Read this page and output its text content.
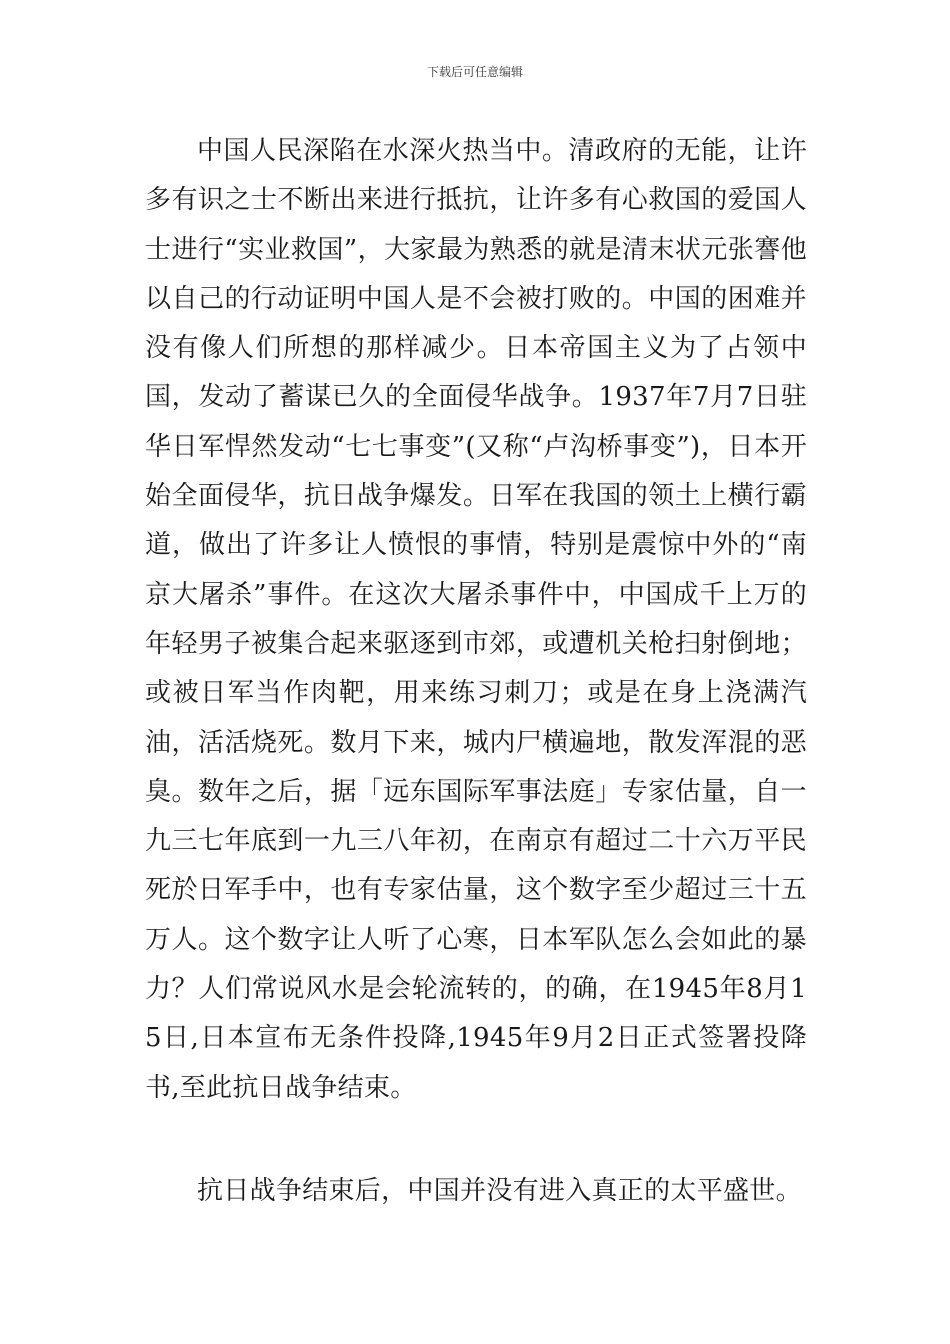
下载后可任意编辑

中国人民深陷在水深火热当中。清政府的无能，让许多有识之士不断出来进行抵抗，让许多有心救国的爱国人士进行“实业救国”，大家最为熟悉的就是清末状元张謇他以自己的行动证明中国人是不会被打败的。中国的困难并没有像人们所想的那样减少。日本帝国主义为了占领中国，发动了蓄谋已久的全面侵华战争。1937年7月7日驻华日军悍然发动“七七事变”(又称“卢沟桥事变”)，日本开始全面侵华，抗日战争爆发。日军在我国的领土上横行霸道，做出了许多让人愤恨的事情，特别是震惊中外的“南京大屠杀”事件。在这次大屠杀事件中，中国成千上万的年轻男子被集合起来驱逐到市郊，或遭机关枪扫射倒地；或被日军当作肉靶，用来练习刺刀；或是在身上浇满汽油，活活烧死。数月下来，城内尸横遍地，散发浑混的恶臭。数年之后，据「远东国际军事法庭」专家估量，自一九三七年底到一九三八年初，在南京有超过二十六万平民死於日军手中，也有专家估量，这个数字至少超过三十五万人。这个数字让人听了心寒，日本军队怎么会如此的暴力？人们常说风水是会轮流转的，的确，在1945年8月15日,日本宣布无条件投降,1945年9月2日正式签署投降书,至此抗日战争结束。

抗日战争结束后，中国并没有进入真正的太平盛世。
